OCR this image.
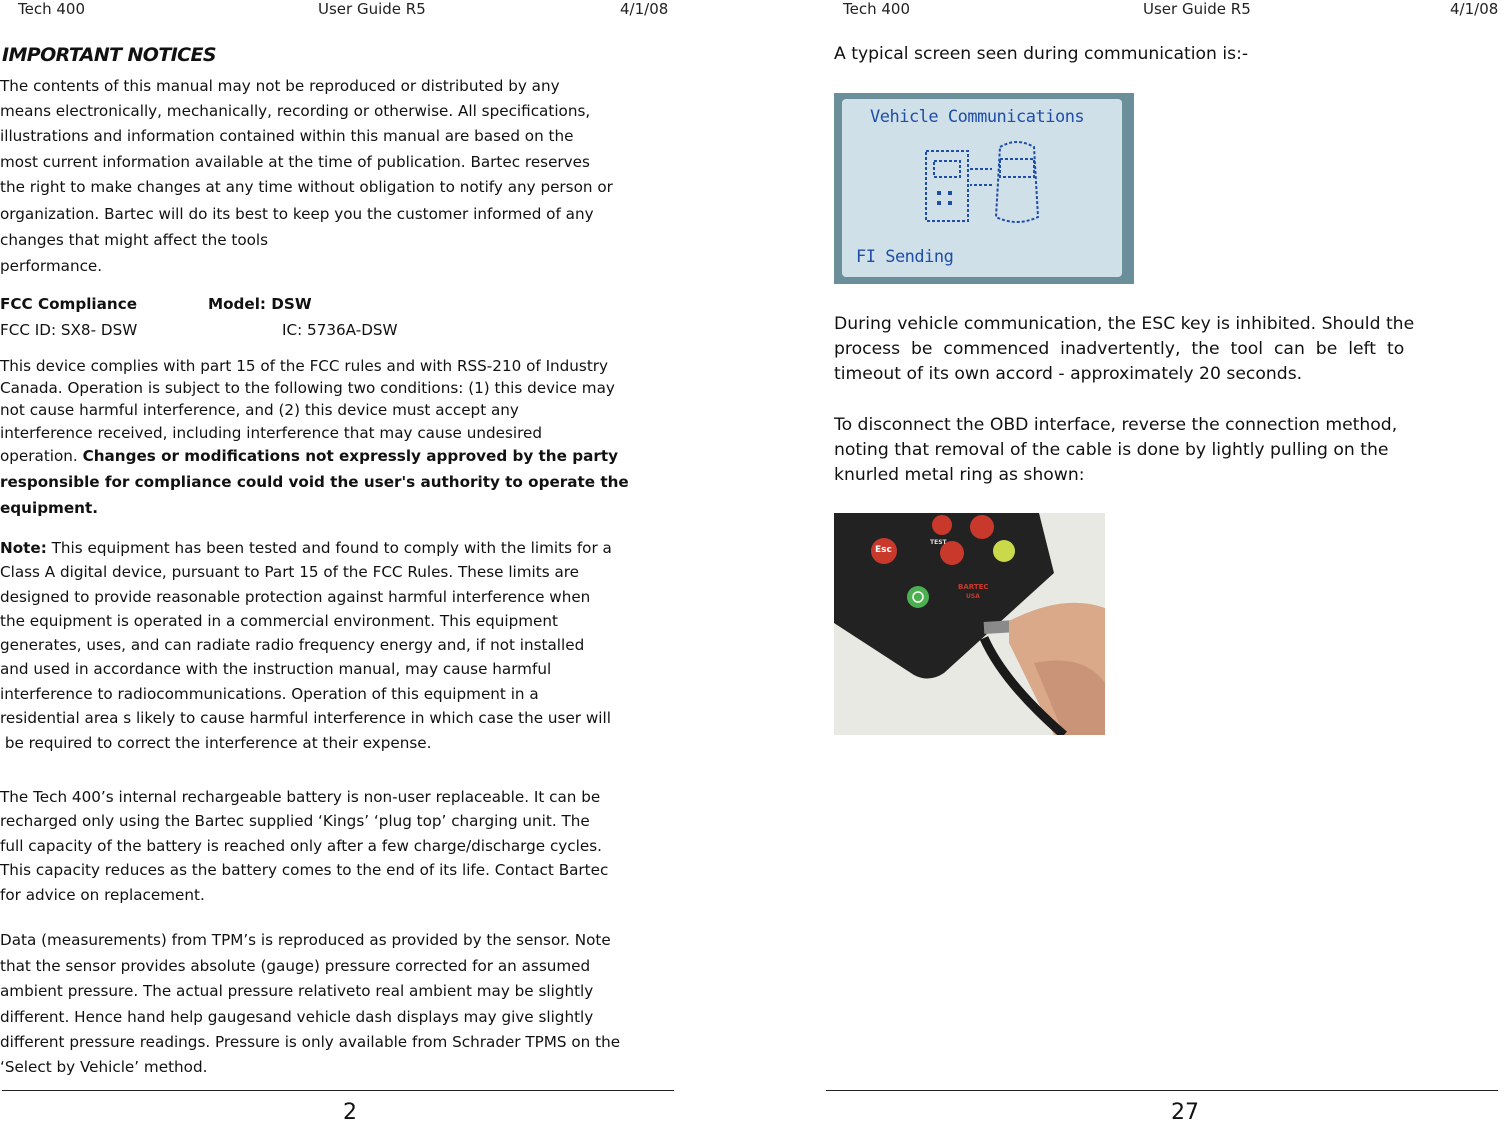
Tech 400	User Guide R5	4/1/08
IMPORTANT NOTICES
The contents of this manual may not be reproduced or distributed by any
means electronically, mechanically, recording or otherwise. All specifications,
illustrations and information contained within this manual are based on the
most current information available at the time of publication. Bartec reserves
the right to make changes at any time without obligation to notify any person or
organization. Bartec will do its best to keep you the customer informed of any
changes that might affect the tools
performance.
FCC Compliance	Model: DSW
FCC ID: SX8- DSW	IC: 5736A-DSW
This device complies with part 15 of the FCC rules and with RSS-210 of Industry
Canada. Operation is subject to the following two conditions: (1) this device may
not cause harmful interference, and (2) this device must accept any
interference received, including interference that may cause undesired
operation. Changes or modifications not expressly approved by the party
responsible for compliance could void the user's authority to operate the
equipment.
Note: This equipment has been tested and found to comply with the limits for a
Class A digital device, pursuant to Part 15 of the FCC Rules. These limits are
designed to provide reasonable protection against harmful interference when
the equipment is operated in a commercial environment. This equipment
generates, uses, and can radiate radio frequency energy and, if not installed
and used in accordance with the instruction manual, may cause harmful
interference to radiocommunications. Operation of this equipment in a
residential area s likely to cause harmful interference in which case the user will
be required to correct the interference at their expense.
The Tech 400’s internal rechargeable battery is non-user replaceable. It can be
recharged only using the Bartec supplied ‘Kings’ ‘plug top’ charging unit. The
full capacity of the battery is reached only after a few charge/discharge cycles.
This capacity reduces as the battery comes to the end of its life. Contact Bartec
for advice on replacement.
Data (measurements) from TPM’s is reproduced as provided by the sensor. Note
that the sensor provides absolute (gauge) pressure corrected for an assumed
ambient pressure. The actual pressure relativeto real ambient may be slightly
different. Hence hand help gaugesand vehicle dash displays may give slightly
different pressure readings. Pressure is only available from Schrader TPMS on the
‘Select by Vehicle’ method.
2
Tech 400	User Guide R5	4/1/08
A typical screen seen during communication is:-
Vehicle Communications
FI Sending
During vehicle communication, the ESC key is inhibited. Should the
process  be  commenced  inadvertently,  the  tool  can  be  left  to
timeout of its own accord - approximately 20 seconds.
To disconnect the OBD interface, reverse the connection method,
noting that removal of the cable is done by lightly pulling on the
knurled metal ring as shown:
Esc
TEST
BARTEC
USA
27
